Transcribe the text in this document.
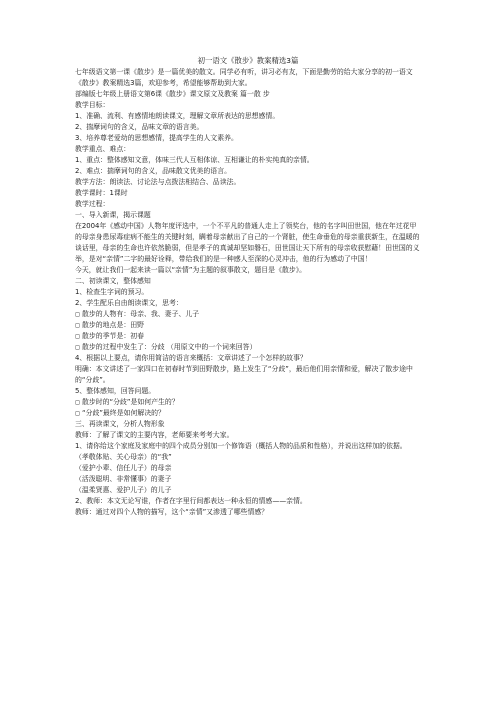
初一语文《散步》教案精选3篇

七年级语文第一课《散步》是一篇优美的散文。同学必有听，讲习必有友，下面是勤劳的给大家分享的初一语文《散步》教案精选3篇，欢迎参考，希望能够帮助到大家。

部编版七年级上册语文第6课《散步》课文原文及教案 篇一散 步

教学目标：

1、准确、流利、有感情地朗读课文，理解文章所表达的思想感情。

2、揣摩词句的含义，品味文章的语言美。

3、培养尊老爱幼的思想感情，提高学生的人文素养。

教学重点、难点：

1、重点：整体感知文意，体味三代人互相体谅、互相谦让的朴实纯真的亲情。

2、难点：揣摩词句的含义，品味散文优美的语言。

教学方法：朗读法、讨论法与点拨法相结合、品读法。

教学课时：1课时

教学过程：

一、导入新课，揭示课题

在2004年《感动中国》人物年度评选中，一个不平凡的普通人走上了领奖台，他的名字叫田世国，他在年过花甲的母亲身患尿毒症病不能生的关键时刻，瞒着母亲献出了自己的一个肾脏，使生命垂危的母亲重获新生，在温暖的谈话里，母亲的生命也许依然脆弱，但是孝子的真诚却坚如磐石，田世国让天下所有的母亲收获慰藉！田世国的义举，是对“亲情”二字的最好诠释，带给我们的是一种感人至深的心灵冲击，他的行为感动了中国！

今天，就让我们一起来读一篇以“亲情”为主题的叙事散文，题目是《散步》。

二、初读课文，整体感知

1、检查生字词的预习。

2、学生配乐自由朗读课文，思考：

◻ 散步的人物有：母亲、我、妻子、儿子

◻ 散步的地点是：田野

◻ 散步的季节是：初春

◻ 散步的过程中发生了：分歧 （用原文中的一个词来回答）

4、根据以上要点，请你用简洁的语言来概括：文章讲述了一个怎样的故事？

明确：本文讲述了一家四口在初春时节到田野散步，路上发生了“分歧”，最后他们用亲情和爱，解决了散步途中的“分歧”。

5、整体感知，回答问题。

◻ 散步时的“分歧”是如何产生的？

◻ “分歧”最终是如何解决的？

三、再读课文，分析人物形象

教师：了解了课文的主要内容，老师要来考考大家。

1、请你给这个家庭及家庭中的四个成员分别加一个修饰语（概括人物的品质和性格），并说出这样加的依据。

（孝敬体贴、关心母亲）的“我”

（爱护小辈、信任儿子）的母亲

（活泼聪明、非常懂事）的妻子

（温柔贤惠、爱护儿子）的儿子

2、教师：本文无论写谁，作者在字里行间都表达一种永恒的情感——亲情。

教师：通过对四个人物的描写，这个“亲情”又渗透了哪些情感？
